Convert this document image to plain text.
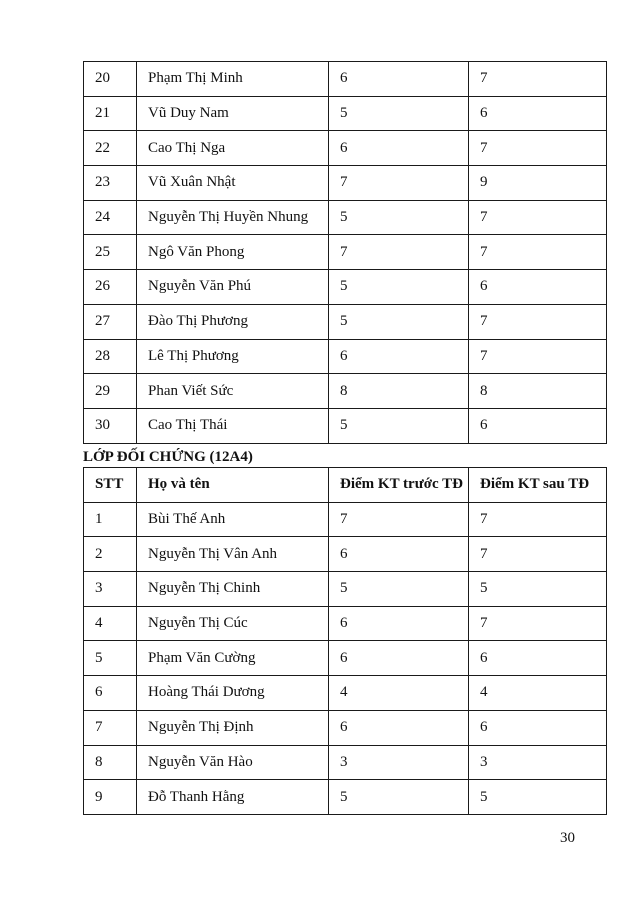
20	Phạm Thị Minh	6	7
21	Vũ Duy Nam	5	6
22	Cao Thị Nga	6	7
23	Vũ Xuân Nhật	7	9
24	Nguyễn Thị Huyền Nhung	5	7
25	Ngô Văn Phong	7	7
26	Nguyễn Văn Phú	5	6
27	Đào Thị Phương	5	7
28	Lê Thị Phương	6	7
29	Phan Viết Sức	8	8
30	Cao Thị Thái	5	6
LỚP ĐỐI CHỨNG (12A4)
STT	Họ và tên	Điểm KT trước TĐ	Điểm KT sau TĐ
1	Bùi Thế Anh	7	7
2	Nguyễn Thị Vân Anh	6	7
3	Nguyễn Thị Chinh	5	5
4	Nguyễn Thị Cúc	6	7
5	Phạm Văn Cường	6	6
6	Hoàng Thái Dương	4	4
7	Nguyễn Thị Định	6	6
8	Nguyễn Văn Hào	3	3
9	Đỗ Thanh Hằng	5	5
30
